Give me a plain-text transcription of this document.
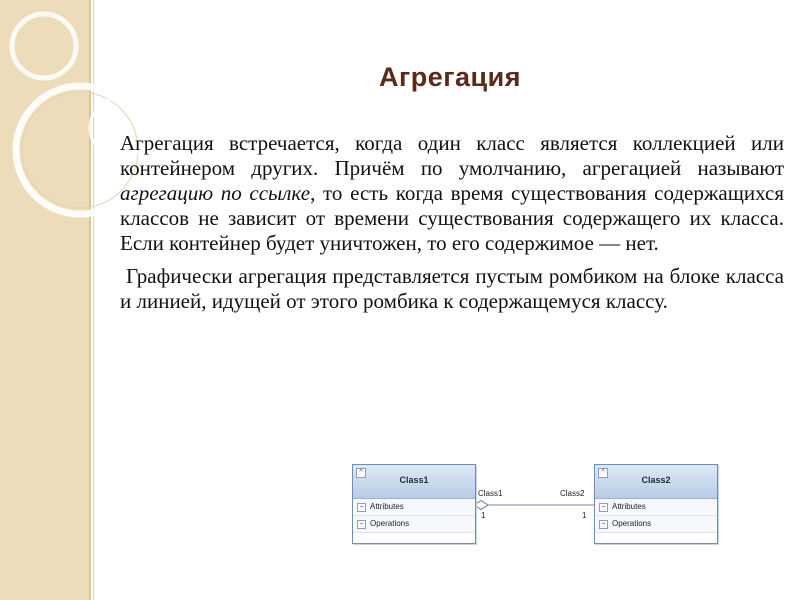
Агрегация

Агрегация встречается, когда один класс является коллекцией или контейнером других. Причём по умолчанию, агрегацией называют агрегацию по ссылке, то есть когда время существования содержащихся классов не зависит от времени существования содержащего их класса. Если контейнер будет уничтожен, то его содержимое — нет.

Графически агрегация представляется пустым ромбиком на блоке класса и линией, идущей от этого ромбика к содержащемуся классу.

^
Class1
− Attributes
− Operations
^
Class2
− Attributes
− Operations
Class1	Class2
1	1
